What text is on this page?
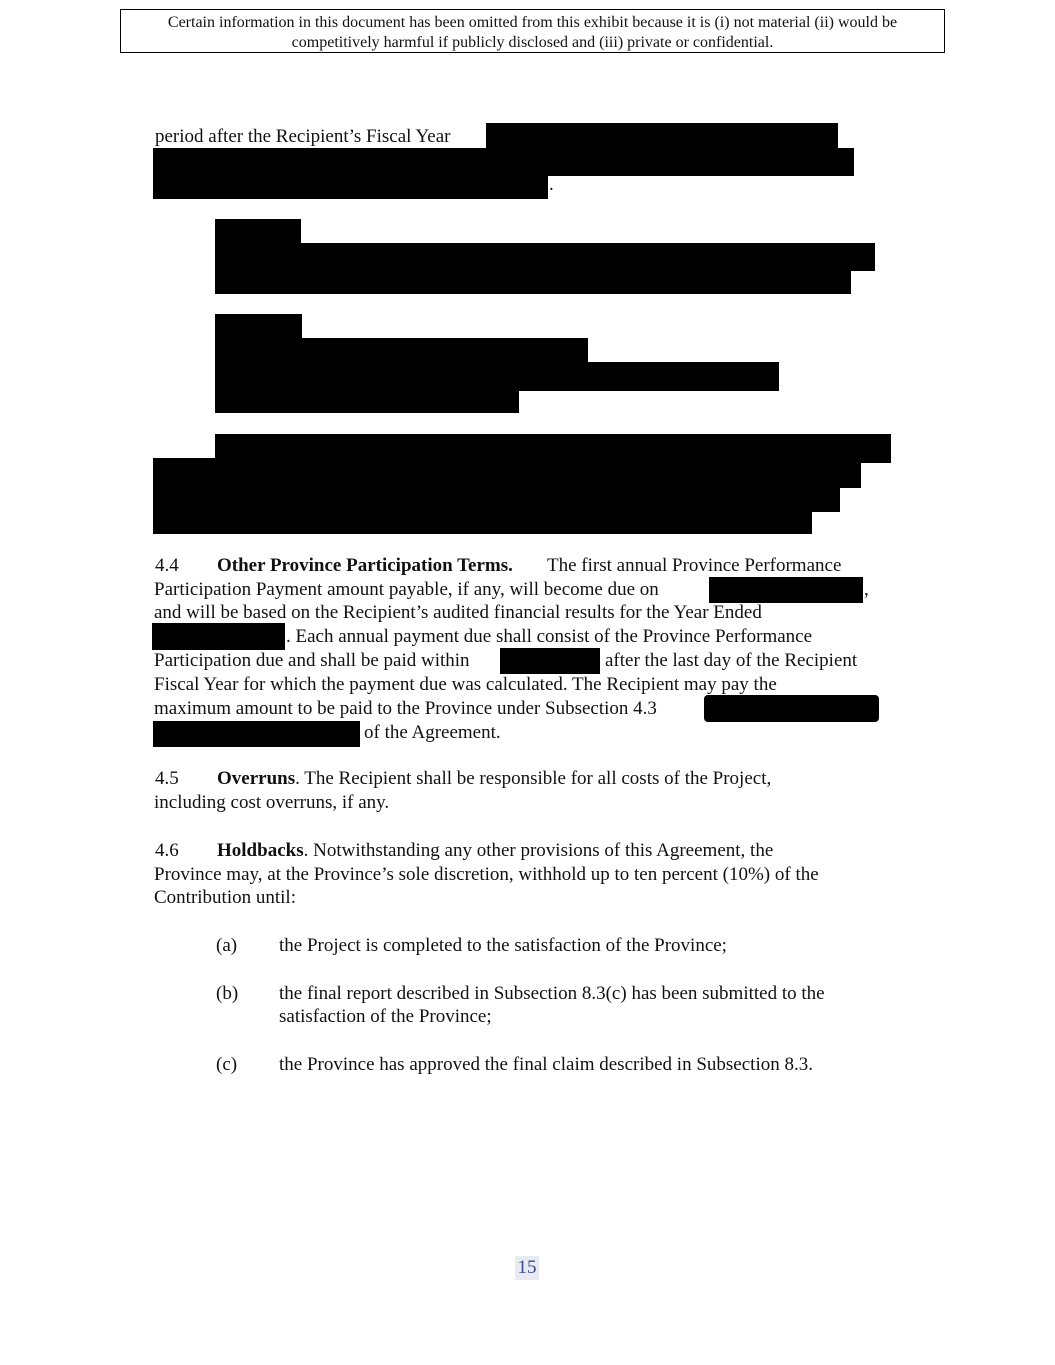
Certain information in this document has been omitted from this exhibit because it is (i) not material (ii) would be
competitively harmful if publicly disclosed and (iii) private or confidential.
period after the Recipient’s Fiscal Year
.
4.4 Other Province Participation Terms. The first annual Province Performance
Participation Payment amount payable, if any, will become due on	,
and will be based on the Recipient’s audited financial results for the Year Ended
. Each annual payment due shall consist of the Province Performance
Participation due and shall be paid within	after the last day of the Recipient
Fiscal Year for which the payment due was calculated. The Recipient may pay the
maximum amount to be paid to the Province under Subsection 4.3
of the Agreement.
4.5 Overruns. The Recipient shall be responsible for all costs of the Project,
including cost overruns, if any.
4.6 Holdbacks. Notwithstanding any other provisions of this Agreement, the
Province may, at the Province’s sole discretion, withhold up to ten percent (10%) of the
Contribution until:
(a) the Project is completed to the satisfaction of the Province;
(b) the final report described in Subsection 8.3(c) has been submitted to the
satisfaction of the Province;
(c) the Province has approved the final claim described in Subsection 8.3.
15
